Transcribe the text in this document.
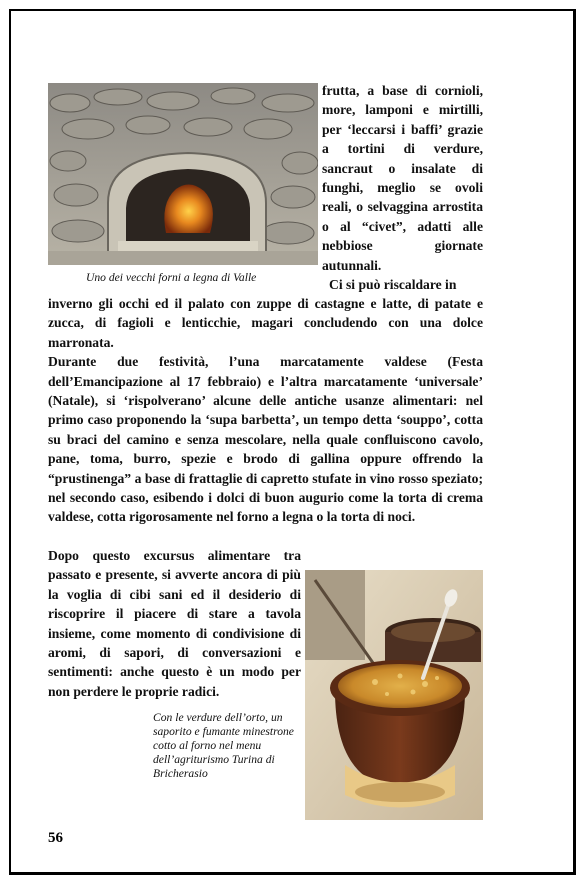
Uno dei vecchi forni a legna di Valle

frutta, a base di cornioli, more, lamponi e mirtilli, per ‘leccarsi i baffi’ grazie a tortini di verdure, sancraut o insalate di funghi, meglio se ovoli reali, o selvaggina arrostita o al “civet”, adatti alle nebbiose giornate autunnali.

Ci si può riscaldare in

inverno gli occhi ed il palato con zuppe di castagne e latte, di patate e zucca, di fagioli e lenticchie, magari concludendo con una dolce marronata.

Durante due festività, l’una marcatamente valdese (Festa dell’Emancipazione al 17 febbraio) e l’altra marcatamente ‘universale’ (Natale), si ‘rispolverano’ alcune delle antiche usanze alimentari: nel primo caso proponendo la ‘supa barbetta’, un tempo detta ‘souppo’, cotta su braci del camino e senza mescolare, nella quale confluiscono cavolo, pane, toma, burro, spezie e brodo di gallina oppure offrendo la “prustinenga” a base di frattaglie di capretto stufate in vino rosso speziato; nel secondo caso, esibendo i dolci di buon augurio come la torta di crema valdese, cotta rigorosamente nel forno a legna o la torta di noci.

Dopo questo excursus alimentare tra passato e presente, si avverte ancora di più la voglia di cibi sani ed il desiderio di riscoprire il piacere di stare a tavola insieme, come momento di condivisione di aromi, di sapori, di conversazioni e sentimenti: anche questo è un modo per non perdere le proprie radici.

Con le verdure dell’orto, un saporito e fumante minestrone cotto al forno nel menu dell’agriturismo Turina di Bricherasio
56
